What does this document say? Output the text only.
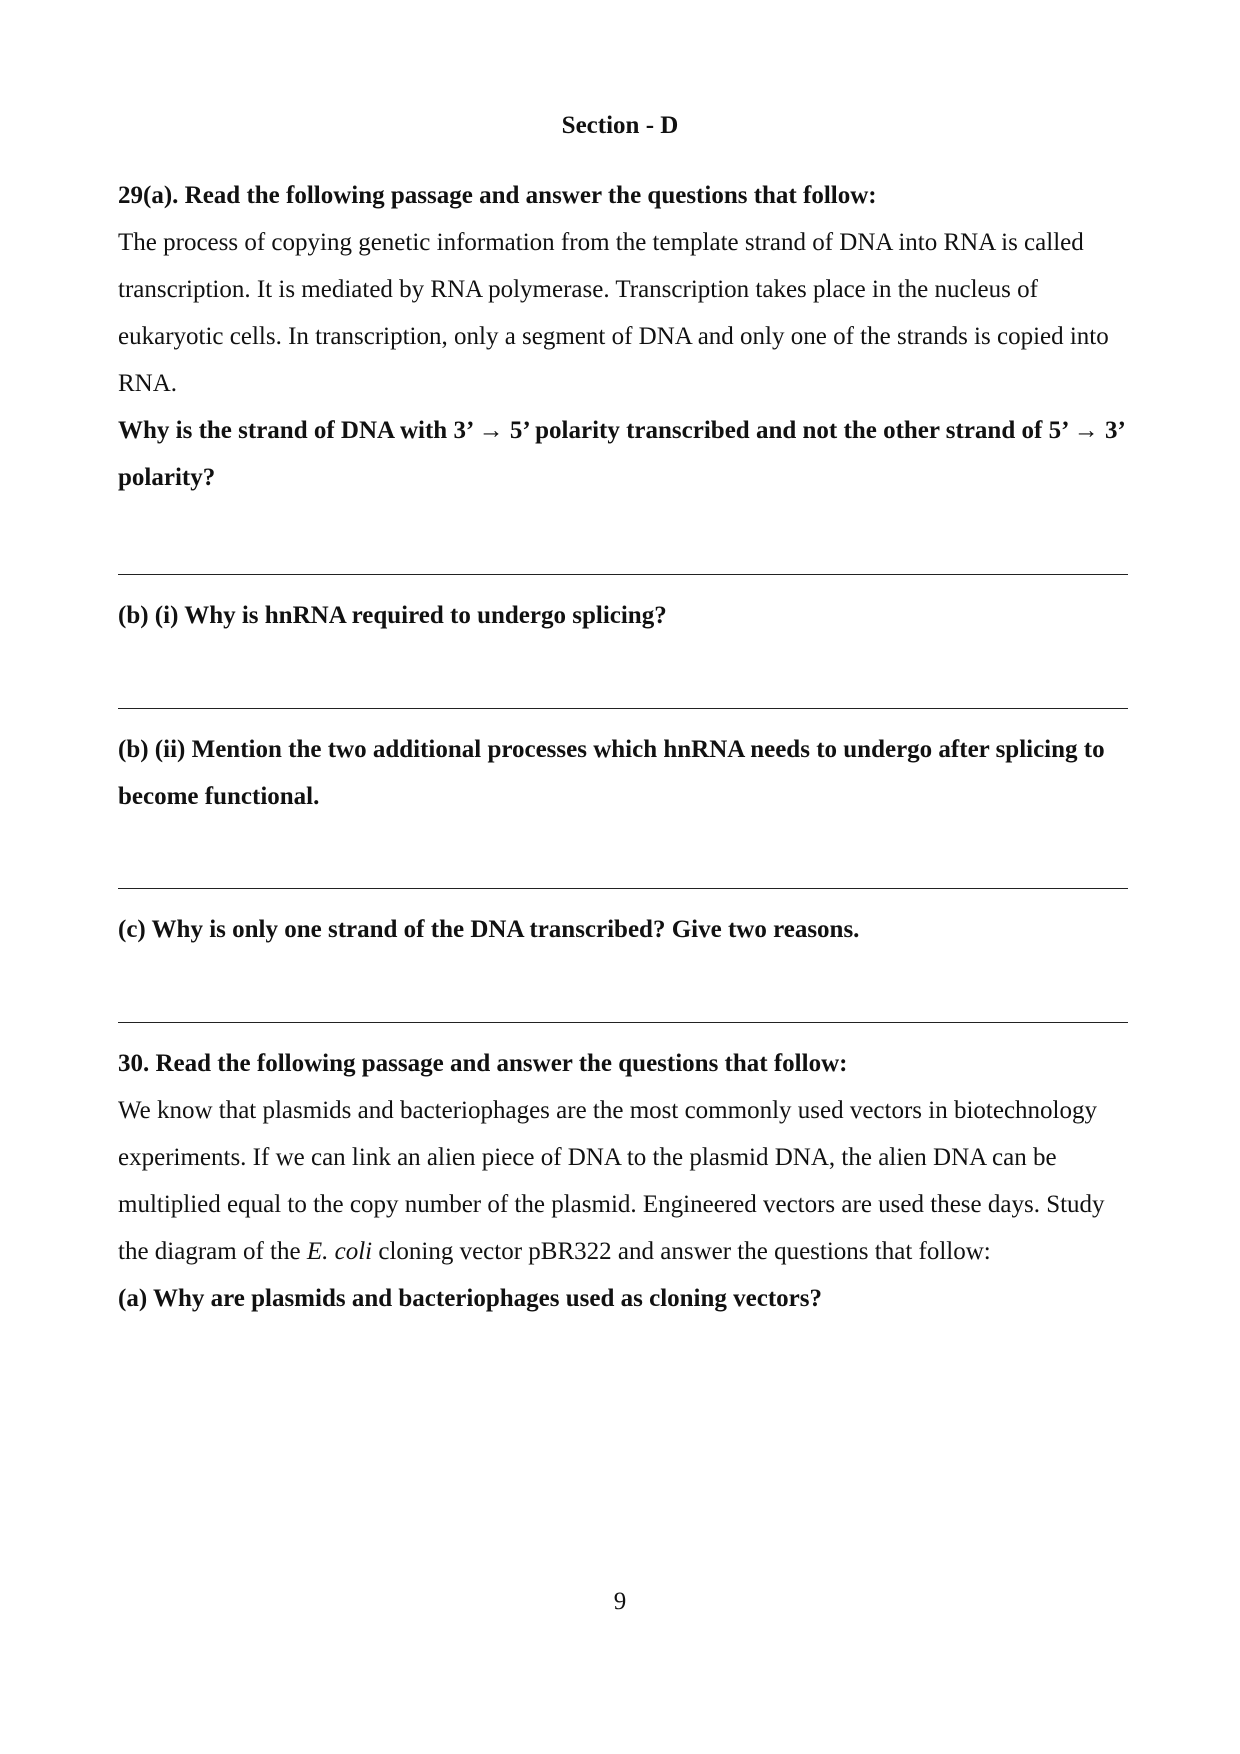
Section - D

29(a). Read the following passage and answer the questions that follow:

The process of copying genetic information from the template strand of DNA into RNA is called transcription. It is mediated by RNA polymerase. Transcription takes place in the nucleus of eukaryotic cells. In transcription, only a segment of DNA and only one of the strands is copied into RNA.

Why is the strand of DNA with 3’ → 5’ polarity transcribed and not the other strand of 5’ → 3’ polarity?

(b) (i) Why is hnRNA required to undergo splicing?

(b) (ii) Mention the two additional processes which hnRNA needs to undergo after splicing to become functional.

(c) Why is only one strand of the DNA transcribed? Give two reasons.

30. Read the following passage and answer the questions that follow:

We know that plasmids and bacteriophages are the most commonly used vectors in biotechnology experiments. If we can link an alien piece of DNA to the plasmid DNA, the alien DNA can be multiplied equal to the copy number of the plasmid. Engineered vectors are used these days. Study the diagram of the E. coli cloning vector pBR322 and answer the questions that follow:

(a) Why are plasmids and bacteriophages used as cloning vectors?

9
